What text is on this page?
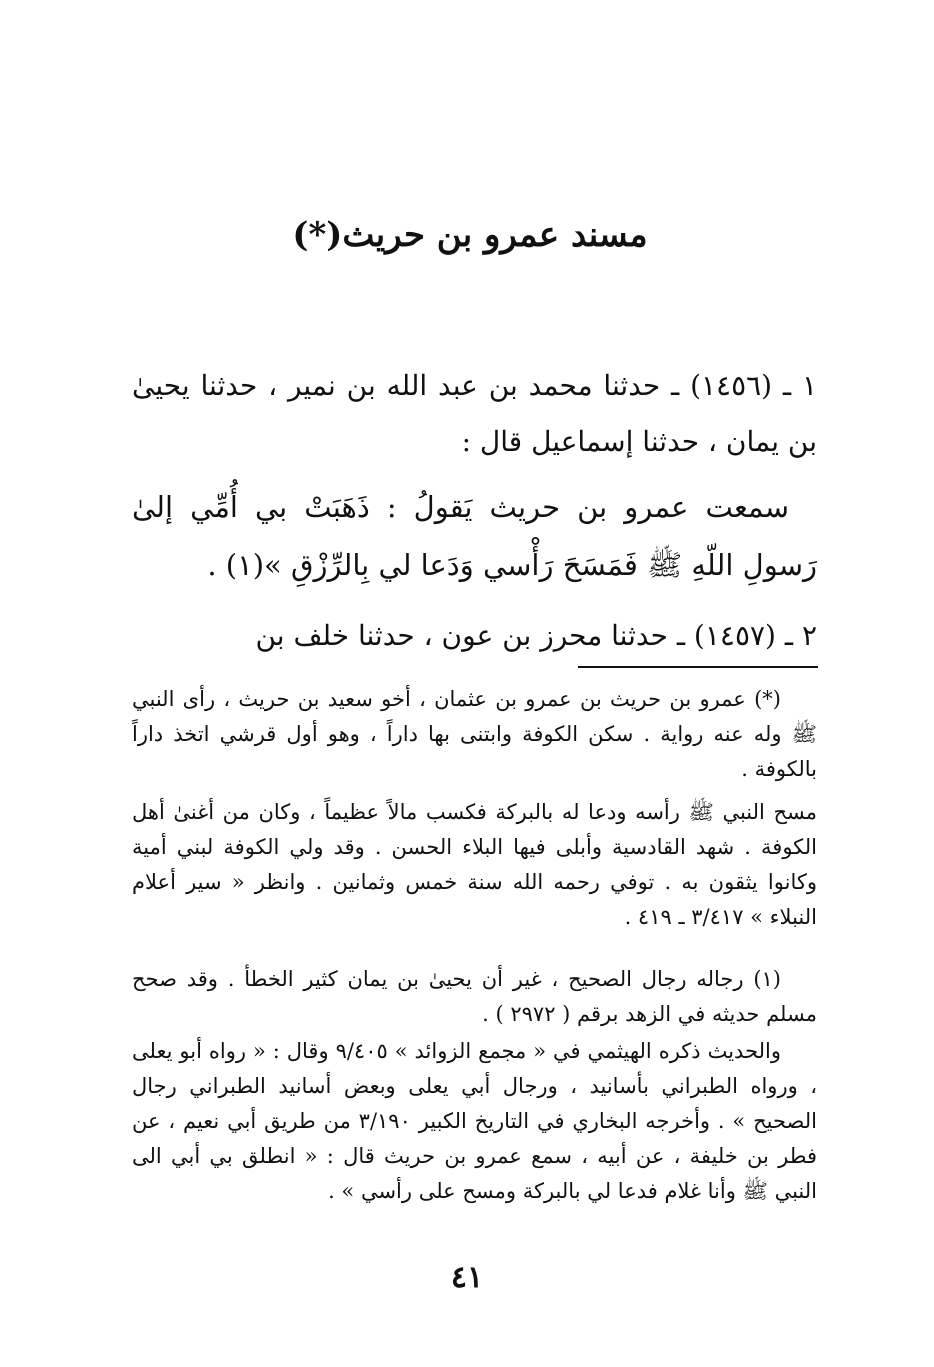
مسند عمرو بن حريث(*)

١ ـ (١٤٥٦) ـ حدثنا محمد بن عبد الله بن نمير ، حدثنا يحيىٰ بن يمان ، حدثنا إسماعيل قال :

سمعت عمرو بن حريث يَقولُ : ذَهَبَتْ بي أُمِّي إلىٰ رَسولِ اللّهِ ﷺ فَمَسَحَ رَأْسي وَدَعا لي بِالرِّزْقِ »(١) .

٢ ـ (١٤٥٧) ـ حدثنا محرز بن عون ، حدثنا خلف بن

(*) عمرو بن حريث بن عمرو بن عثمان ، أخو سعيد بن حريث ، رأى النبي ﷺ وله عنه رواية . سكن الكوفة وابتنى بها داراً ، وهو أول قرشي اتخذ داراً بالكوفة .

مسح النبي ﷺ رأسه ودعا له بالبركة فكسب مالاً عظيماً ، وكان من أغنىٰ أهل الكوفة . شهد القادسية وأبلى فيها البلاء الحسن . وقد ولي الكوفة لبني أمية وكانوا يثقون به . توفي رحمه الله سنة خمس وثمانين . وانظر « سير أعلام النبلاء » ٣/٤١٧ ـ ٤١٩ .

(١) رجاله رجال الصحيح ، غير أن يحيىٰ بن يمان كثير الخطأ . وقد صحح مسلم حديثه في الزهد برقم ( ٢٩٧٢ ) .

والحديث ذكره الهيثمي في « مجمع الزوائد » ٩/٤٠٥ وقال : « رواه أبو يعلى ، ورواه الطبراني بأسانيد ، ورجال أبي يعلى وبعض أسانيد الطبراني رجال الصحيح » . وأخرجه البخاري في التاريخ الكبير ٣/١٩٠ من طريق أبي نعيم ، عن فطر بن خليفة ، عن أبيه ، سمع عمرو بن حريث قال : « انطلق بي أبي الى النبي ﷺ وأنا غلام فدعا لي بالبركة ومسح على رأسي » .

٤١
